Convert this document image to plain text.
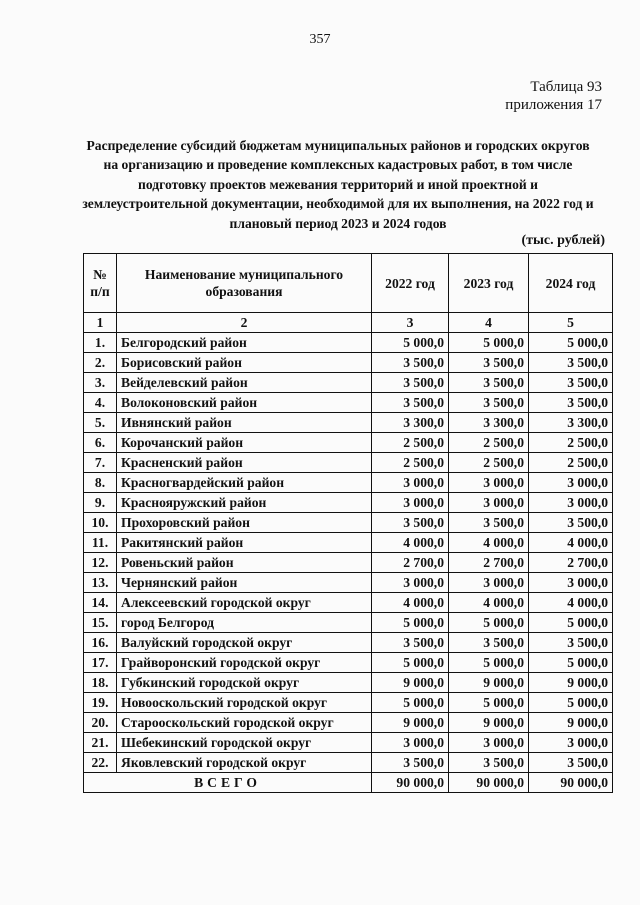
357
Таблица 93
приложения 17
Распределение субсидий бюджетам муниципальных районов и городских округов на организацию и проведение комплексных кадастровых работ, в том числе подготовку проектов межевания территорий и иной проектной и землеустроительной документации, необходимой для их выполнения, на 2022 год и плановый период 2023 и 2024 годов
(тыс. рублей)
№ п/п	Наименование муниципального образования	2022 год	2023 год	2024 год
1	2	3	4	5
1.	Белгородский район	5 000,0	5 000,0	5 000,0
2.	Борисовский район	3 500,0	3 500,0	3 500,0
3.	Вейделевский район	3 500,0	3 500,0	3 500,0
4.	Волоконовский район	3 500,0	3 500,0	3 500,0
5.	Ивнянский район	3 300,0	3 300,0	3 300,0
6.	Корочанский район	2 500,0	2 500,0	2 500,0
7.	Красненский район	2 500,0	2 500,0	2 500,0
8.	Красногвардейский район	3 000,0	3 000,0	3 000,0
9.	Краснояружский район	3 000,0	3 000,0	3 000,0
10.	Прохоровский район	3 500,0	3 500,0	3 500,0
11.	Ракитянский район	4 000,0	4 000,0	4 000,0
12.	Ровеньский район	2 700,0	2 700,0	2 700,0
13.	Чернянский район	3 000,0	3 000,0	3 000,0
14.	Алексеевский городской округ	4 000,0	4 000,0	4 000,0
15.	город Белгород	5 000,0	5 000,0	5 000,0
16.	Валуйский городской округ	3 500,0	3 500,0	3 500,0
17.	Грайворонский городской округ	5 000,0	5 000,0	5 000,0
18.	Губкинский городской округ	9 000,0	9 000,0	9 000,0
19.	Новооскольский городской округ	5 000,0	5 000,0	5 000,0
20.	Старооскольский городской округ	9 000,0	9 000,0	9 000,0
21.	Шебекинский городской округ	3 000,0	3 000,0	3 000,0
22.	Яковлевский городской округ	3 500,0	3 500,0	3 500,0
ВСЕГО		90 000,0	90 000,0	90 000,0
